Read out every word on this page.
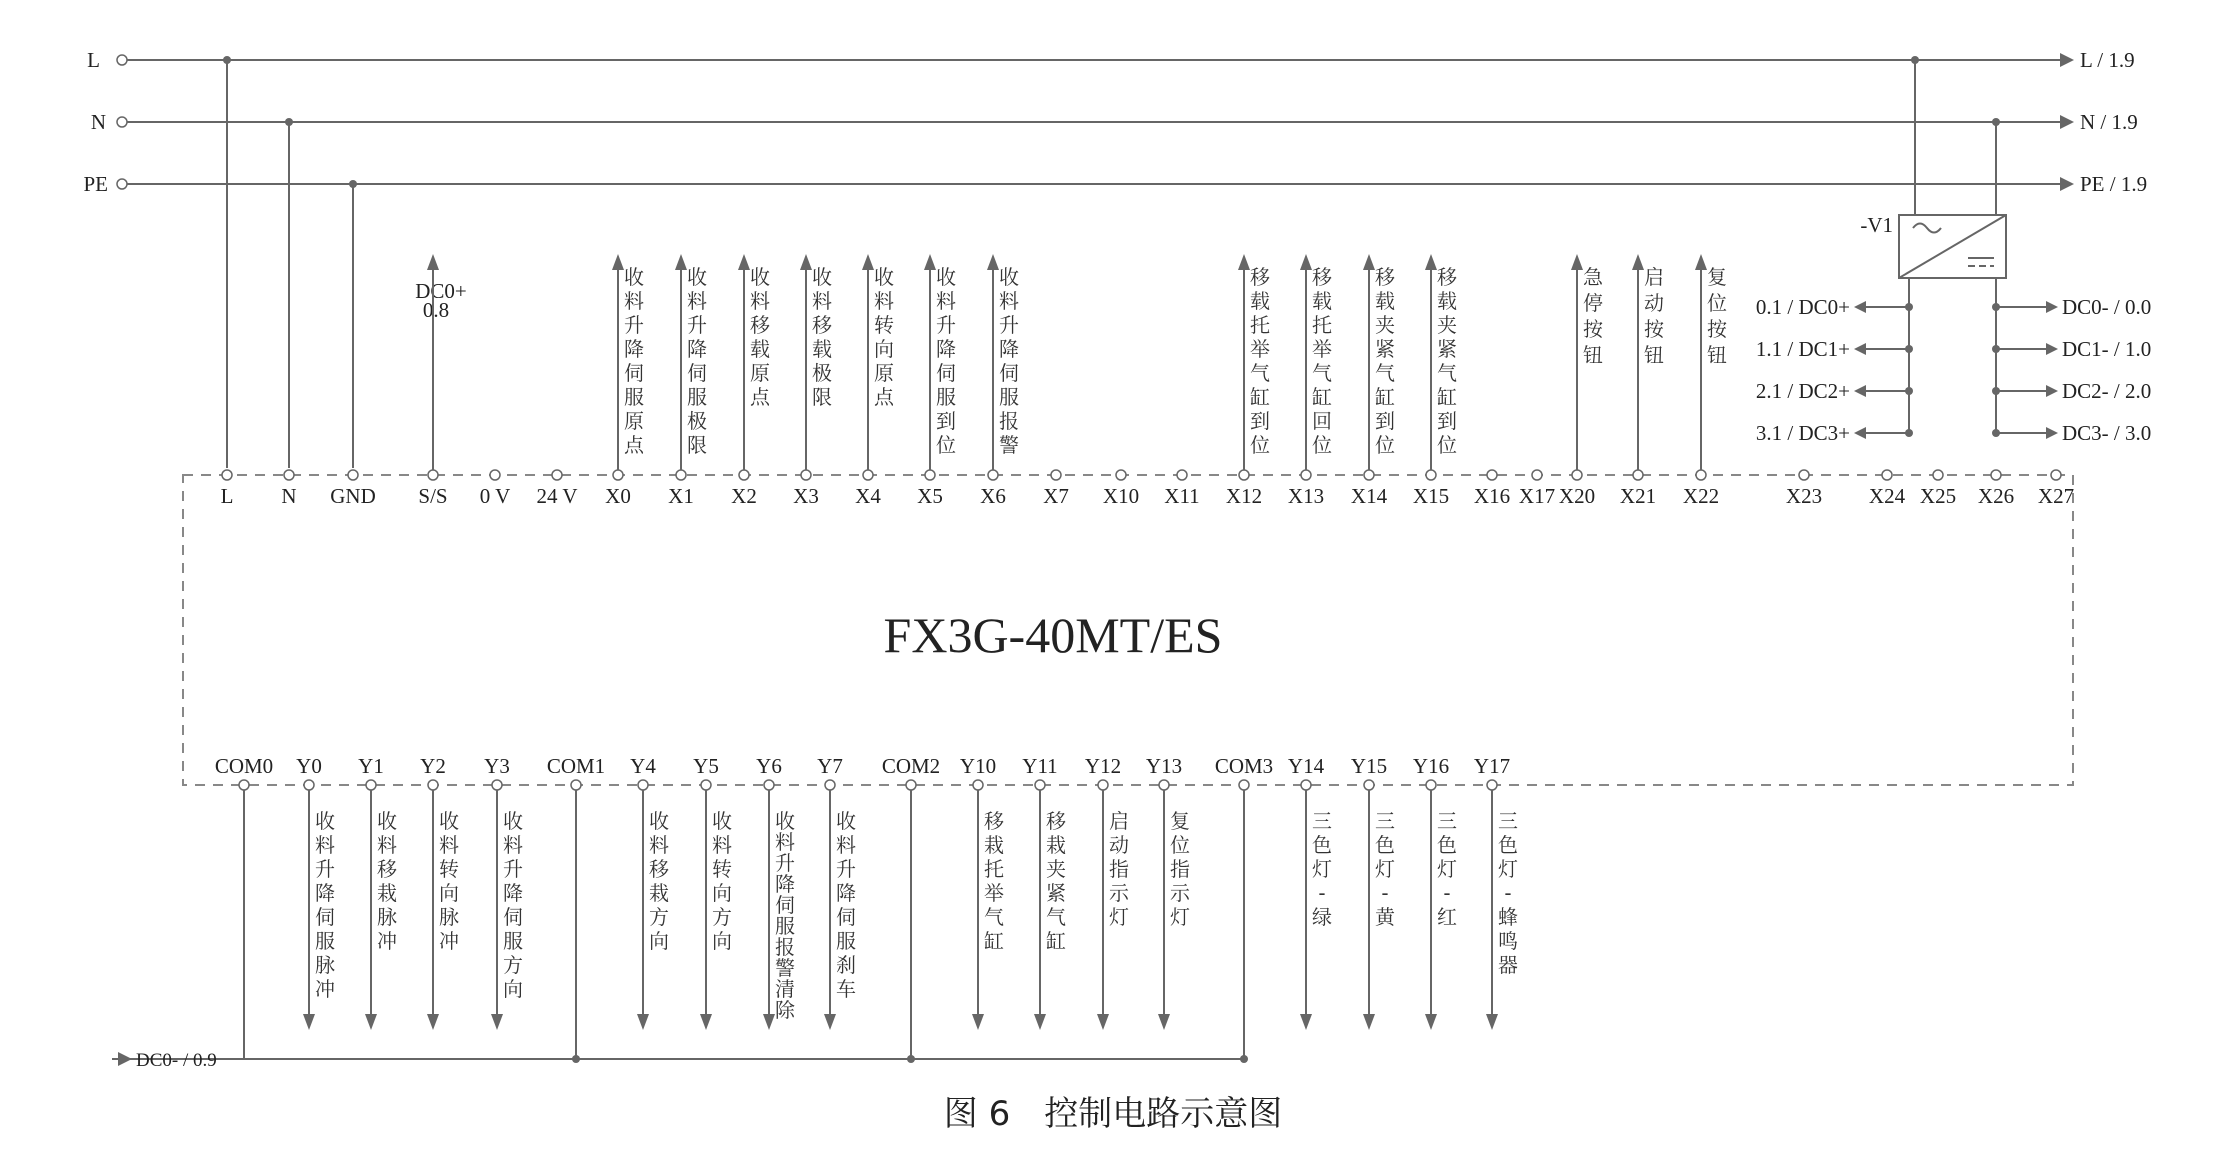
L
N
PE
L / 1.9
N / 1.9
PE / 1.9
-V1
0.1 / DC0+
1.1 / DC1+
2.1 / DC2+
3.1 / DC3+
DC0- / 0.0
DC1- / 1.0
DC2- / 2.0
DC3- / 3.0
FX3G-40MT/ES
DC0+
0.8
L N GND S/S 0 V 24 V X0
收
料
升
降
伺
服
原
点
X1
收
料
升
降
伺
服
极
限
X2
收
料
移
载
原
点
X3
收
料
移
载
极
限
X4
收
料
转
向
原
点
X5
收
料
升
降
伺
服
到
位
X6
收
料
升
降
伺
服
报
警
X7 X10 X11 X12
移
载
托
举
气
缸
到
位
X13
移
载
托
举
气
缸
回
位
X14
移
载
夹
紧
气
缸
到
位
X15
移
载
夹
紧
气
缸
到
位
X16 X17 X20
急
停
按
钮
X21
启
动
按
钮
X22
复
位
按
钮
X23 X24 X25 X26 X27
COM0 Y0
收
料
升
降
伺
服
脉
冲
Y1
收
料
移
栽
脉
冲
Y2
收
料
转
向
脉
冲
Y3
收
料
升
降
伺
服
方
向
COM1 Y4
收
料
移
栽
方
向
Y5
收
料
转
向
方
向
Y6
收
料
升
降
伺
服
报
警
清
除
Y7
收
料
升
降
伺
服
刹
车
COM2 Y10
移
栽
托
举
气
缸
Y11
移
栽
夹
紧
气
缸
Y12
启
动
指
示
灯
Y13
复
位
指
示
灯
COM3 Y14
三
色
灯
-
绿
Y15
三
色
灯
-
黄
Y16
三
色
灯
-
红
Y17
三
色
灯
-
蜂
鸣
器
DC0- / 0.9
图 6　控制电路示意图
